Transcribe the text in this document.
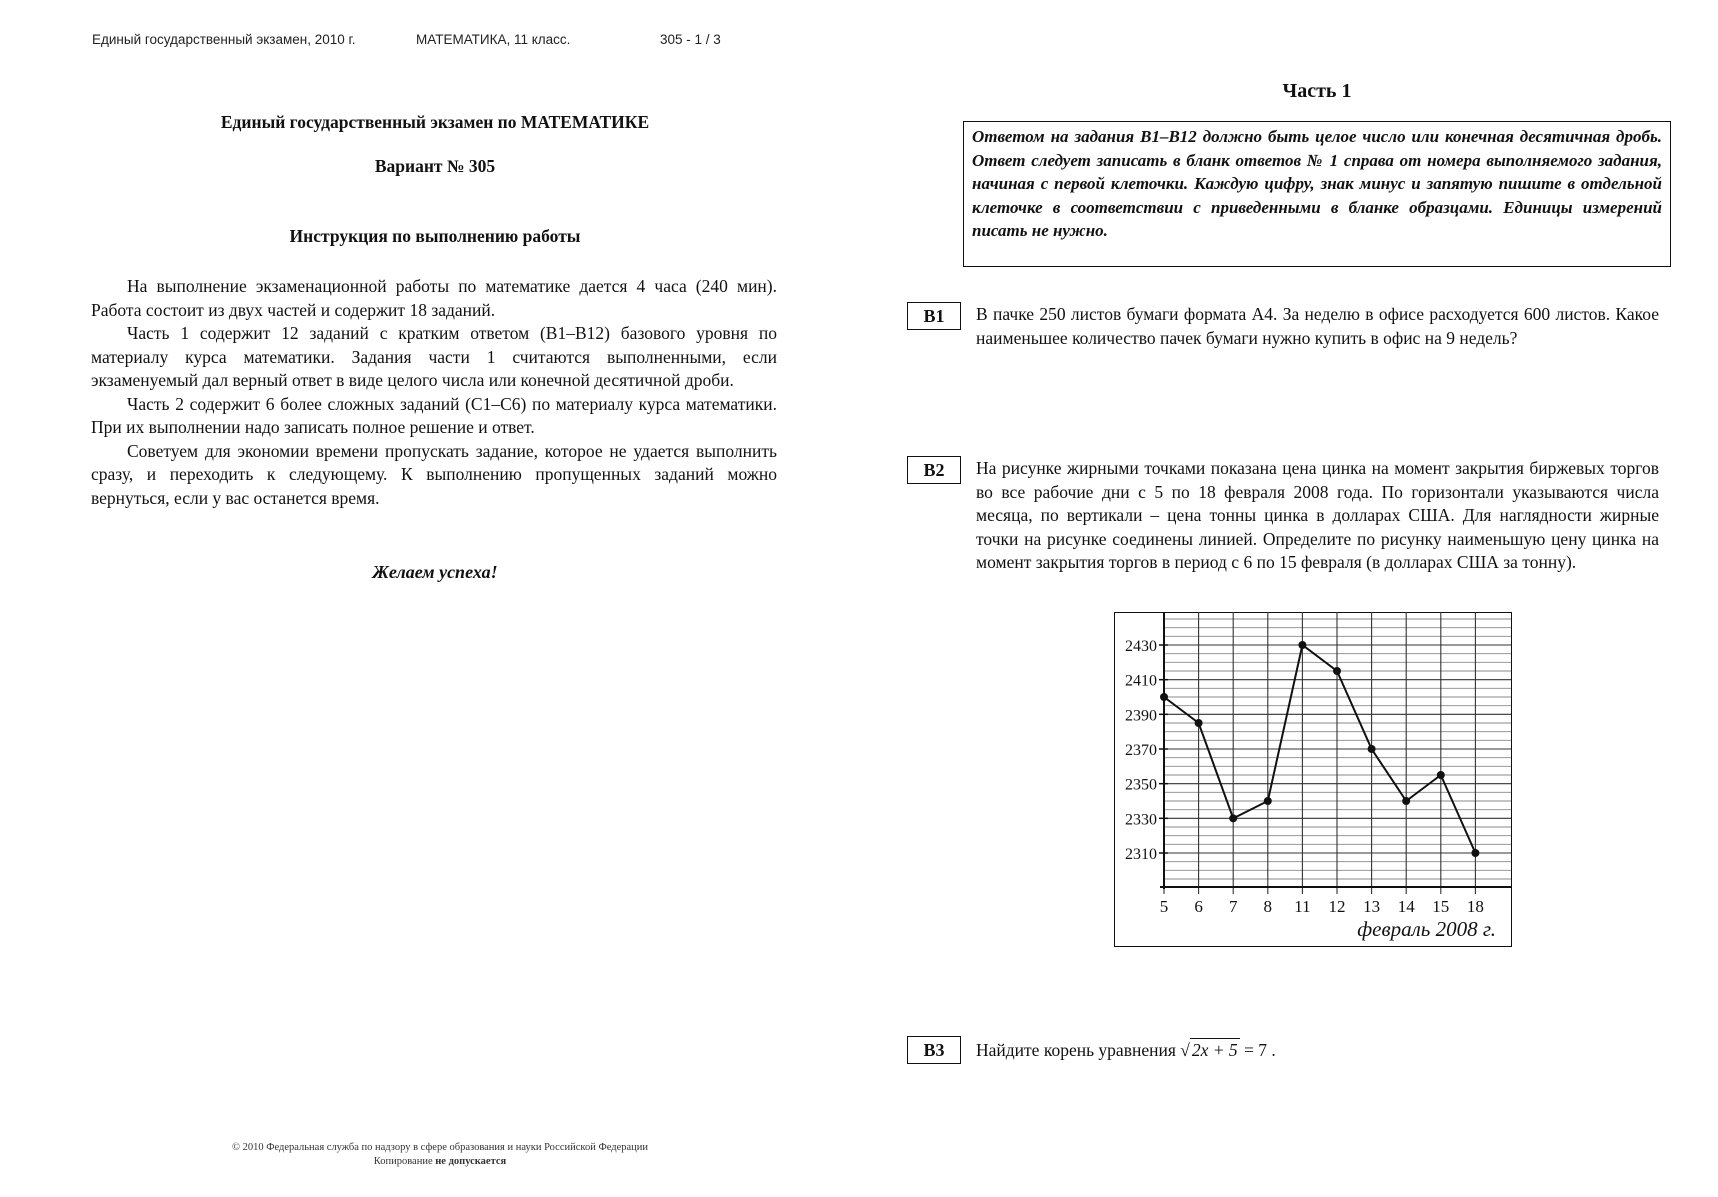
Единый государственный экзамен, 2010 г.	МАТЕМАТИКА, 11 класс.	305 - 1 / 3
Единый государственный экзамен по МАТЕМАТИКЕ
Вариант № 305
Инструкция по выполнению работы

На выполнение экзаменационной работы по математике дается 4 часа (240 мин). Работа состоит из двух частей и содержит 18 заданий.

Часть 1 содержит 12 заданий с кратким ответом (B1–B12) базового уровня по материалу курса математики. Задания части 1 считаются выполненными, если экзаменуемый дал верный ответ в виде целого числа или конечной десятичной дроби.

Часть 2 содержит 6 более сложных заданий (C1–C6) по материалу курса математики. При их выполнении надо записать полное решение и ответ.

Советуем для экономии времени пропускать задание, которое не удается выполнить сразу, и переходить к следующему. К выполнению пропущенных заданий можно вернуться, если у вас останется время.

Желаем успеха!
© 2010 Федеральная служба по надзору в сфере образования и науки Российской Федерации
Копирование не допускается
Часть 1
Ответом на задания B1–B12 должно быть целое число или конечная десятичная дробь. Ответ следует записать в бланк ответов № 1 справа от номера выполняемого задания, начиная с первой клеточки. Каждую цифру, знак минус и запятую пишите в отдельной клеточке в соответствии с приведенными в бланке образцами. Единицы измерений писать не нужно.
B1	В пачке 250 листов бумаги формата А4. За неделю в офисе расходуется 600 листов. Какое наименьшее количество пачек бумаги нужно купить в офис на 9 недель?
B2	На рисунке жирными точками показана цена цинка на момент закрытия биржевых торгов во все рабочие дни с 5 по 18 февраля 2008 года. По горизонтали указываются числа месяца, по вертикали – цена тонны цинка в долларах США. Для наглядности жирные точки на рисунке соединены линией. Определите по рисунку наименьшую цену цинка на момент закрытия торгов в период с 6 по 15 февраля (в долларах США за тонну).
2310
2330
2350
2370
2390
2410
2430
5 6 7 8 11 12 13 14 15 18
февраль 2008 г.
B3	Найдите корень уравнения √ 2x + 5 = 7 .
